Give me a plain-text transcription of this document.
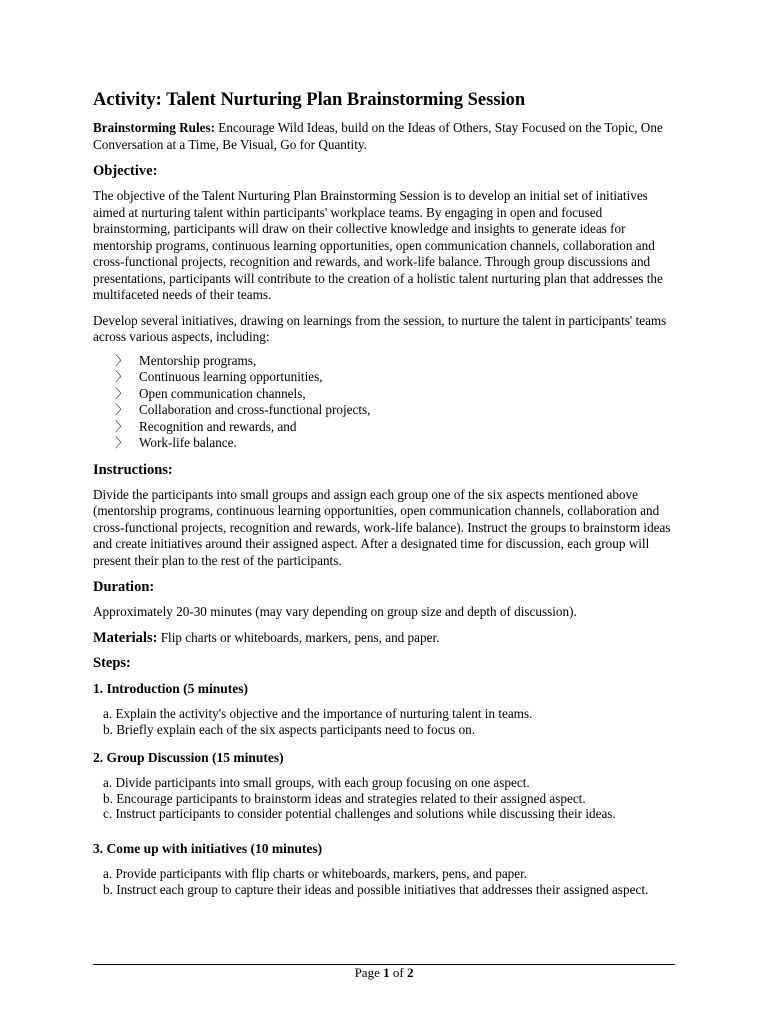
Activity: Talent Nurturing Plan Brainstorming Session

Brainstorming Rules: Encourage Wild Ideas, build on the Ideas of Others, Stay Focused on the Topic, One Conversation at a Time, Be Visual, Go for Quantity.

Objective:

The objective of the Talent Nurturing Plan Brainstorming Session is to develop an initial set of initiatives aimed at nurturing talent within participants' workplace teams. By engaging in open and focused brainstorming, participants will draw on their collective knowledge and insights to generate ideas for mentorship programs, continuous learning opportunities, open communication channels, collaboration and cross-functional projects, recognition and rewards, and work-life balance. Through group discussions and presentations, participants will contribute to the creation of a holistic talent nurturing plan that addresses the multifaceted needs of their teams.

Develop several initiatives, drawing on learnings from the session, to nurture the talent in participants' teams across various aspects, including:

〉 Mentorship programs,
〉 Continuous learning opportunities,
〉 Open communication channels,
〉 Collaboration and cross-functional projects,
〉 Recognition and rewards, and
〉 Work-life balance.
Instructions:

Divide the participants into small groups and assign each group one of the six aspects mentioned above (mentorship programs, continuous learning opportunities, open communication channels, collaboration and cross-functional projects, recognition and rewards, work-life balance). Instruct the groups to brainstorm ideas and create initiatives around their assigned aspect. After a designated time for discussion, each group will present their plan to the rest of the participants.

Duration:

Approximately 20-30 minutes (may vary depending on group size and depth of discussion).

Materials: Flip charts or whiteboards, markers, pens, and paper.

Steps:
1. Introduction (5 minutes)
a. Explain the activity's objective and the importance of nurturing talent in teams.
b. Briefly explain each of the six aspects participants need to focus on.
2. Group Discussion (15 minutes)
a. Divide participants into small groups, with each group focusing on one aspect.
b. Encourage participants to brainstorm ideas and strategies related to their assigned aspect.
c. Instruct participants to consider potential challenges and solutions while discussing their ideas.
3. Come up with initiatives (10 minutes)
a. Provide participants with flip charts or whiteboards, markers, pens, and paper.
b. Instruct each group to capture their ideas and possible initiatives that addresses their assigned aspect.
Page 1 of 2
